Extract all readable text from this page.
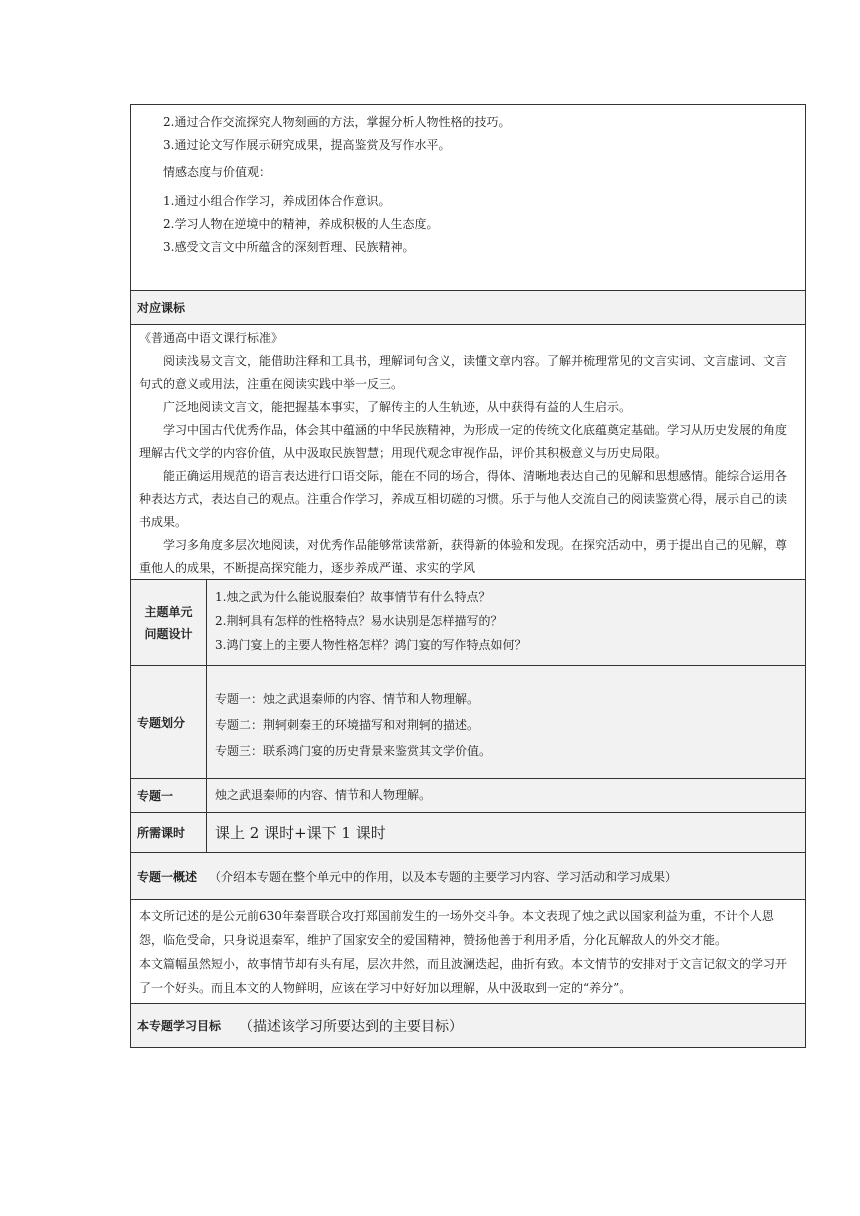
2.通过合作交流探究人物刻画的方法，掌握分析人物性格的技巧。

3.通过论文写作展示研究成果，提高鉴赏及写作水平。

情感态度与价值观：

1.通过小组合作学习，养成团体合作意识。

2.学习人物在逆境中的精神，养成积极的人生态度。

3.感受文言文中所蕴含的深刻哲理、民族精神。

对应课标

《普通高中语文课行标准》

阅读浅易文言文，能借助注释和工具书，理解词句含义，读懂文章内容。了解并梳理常见的文言实词、文言虚词、文言句式的意义或用法，注重在阅读实践中举一反三。

广泛地阅读文言文，能把握基本事实，了解传主的人生轨迹，从中获得有益的人生启示。

学习中国古代优秀作品，体会其中蕴涵的中华民族精神，为形成一定的传统文化底蕴奠定基础。学习从历史发展的角度理解古代文学的内容价值，从中汲取民族智慧；用现代观念审视作品，评价其积极意义与历史局限。

能正确运用规范的语言表达进行口语交际，能在不同的场合，得体、清晰地表达自己的见解和思想感情。能综合运用各种表达方式，表达自己的观点。注重合作学习，养成互相切磋的习惯。乐于与他人交流自己的阅读鉴赏心得，展示自己的读书成果。

学习多角度多层次地阅读，对优秀作品能够常读常新，获得新的体验和发现。在探究活动中，勇于提出自己的见解，尊重他人的成果，不断提高探究能力，逐步养成严谨、求实的学风

主题单元
问题设计

1.烛之武为什么能说服秦伯？故事情节有什么特点？

2.荆轲具有怎样的性格特点？易水诀别是怎样描写的？

3.鸿门宴上的主要人物性格怎样？鸿门宴的写作特点如何？

专题划分

专题一：烛之武退秦师的内容、情节和人物理解。

专题二：荆轲刺秦王的环境描写和对荆轲的描述。

专题三：联系鸿门宴的历史背景来鉴赏其文学价值。

专题一	烛之武退秦师的内容、情节和人物理解。
所需课时	课上 2 课时+课下 1 课时
专题一概述 （介绍本专题在整个单元中的作用，以及本专题的主要学习内容、学习活动和学习成果）

本文所记述的是公元前630年秦晋联合攻打郑国前发生的一场外交斗争。本文表现了烛之武以国家利益为重，不计个人恩怨，临危受命，只身说退秦军，维护了国家安全的爱国精神，赞扬他善于利用矛盾，分化瓦解敌人的外交才能。

本文篇幅虽然短小，故事情节却有头有尾，层次井然，而且波澜迭起，曲折有致。本文情节的安排对于文言记叙文的学习开了一个好头。而且本文的人物鲜明，应该在学习中好好加以理解，从中汲取到一定的“养分”。

本专题学习目标 （描述该学习所要达到的主要目标）
